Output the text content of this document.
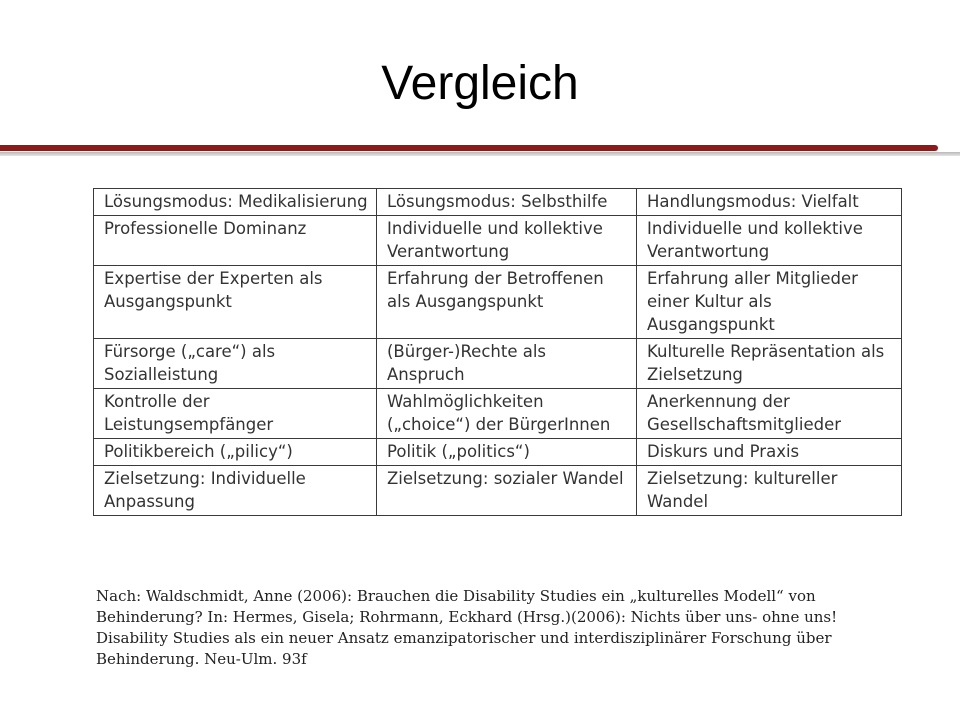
Vergleich
Lösungsmodus: Medikalisierung	Lösungsmodus: Selbsthilfe	Handlungsmodus: Vielfalt
Professionelle Dominanz	Individuelle und kollektive Verantwortung	Individuelle und kollektive Verantwortung
Expertise der Experten als Ausgangspunkt	Erfahrung der Betroffenen als Ausgangspunkt	Erfahrung aller Mitglieder einer Kultur als Ausgangspunkt
Fürsorge („care“) als Sozialleistung	(Bürger-)Rechte als Anspruch	Kulturelle Repräsentation als Zielsetzung
Kontrolle der Leistungsempfänger	Wahlmöglichkeiten („choice“) der BürgerInnen	Anerkennung der Gesellschaftsmitglieder
Politikbereich („pilicy“)	Politik („politics“)	Diskurs und Praxis
Zielsetzung: Individuelle Anpassung	Zielsetzung: sozialer Wandel	Zielsetzung: kultureller Wandel
Nach: Waldschmidt, Anne (2006): Brauchen die Disability Studies ein „kulturelles Modell“ von
Behinderung? In: Hermes, Gisela; Rohrmann, Eckhard (Hrsg.)(2006): Nichts über uns- ohne uns!
Disability Studies als ein neuer Ansatz emanzipatorischer und interdisziplinärer Forschung über
Behinderung. Neu-Ulm. 93f
